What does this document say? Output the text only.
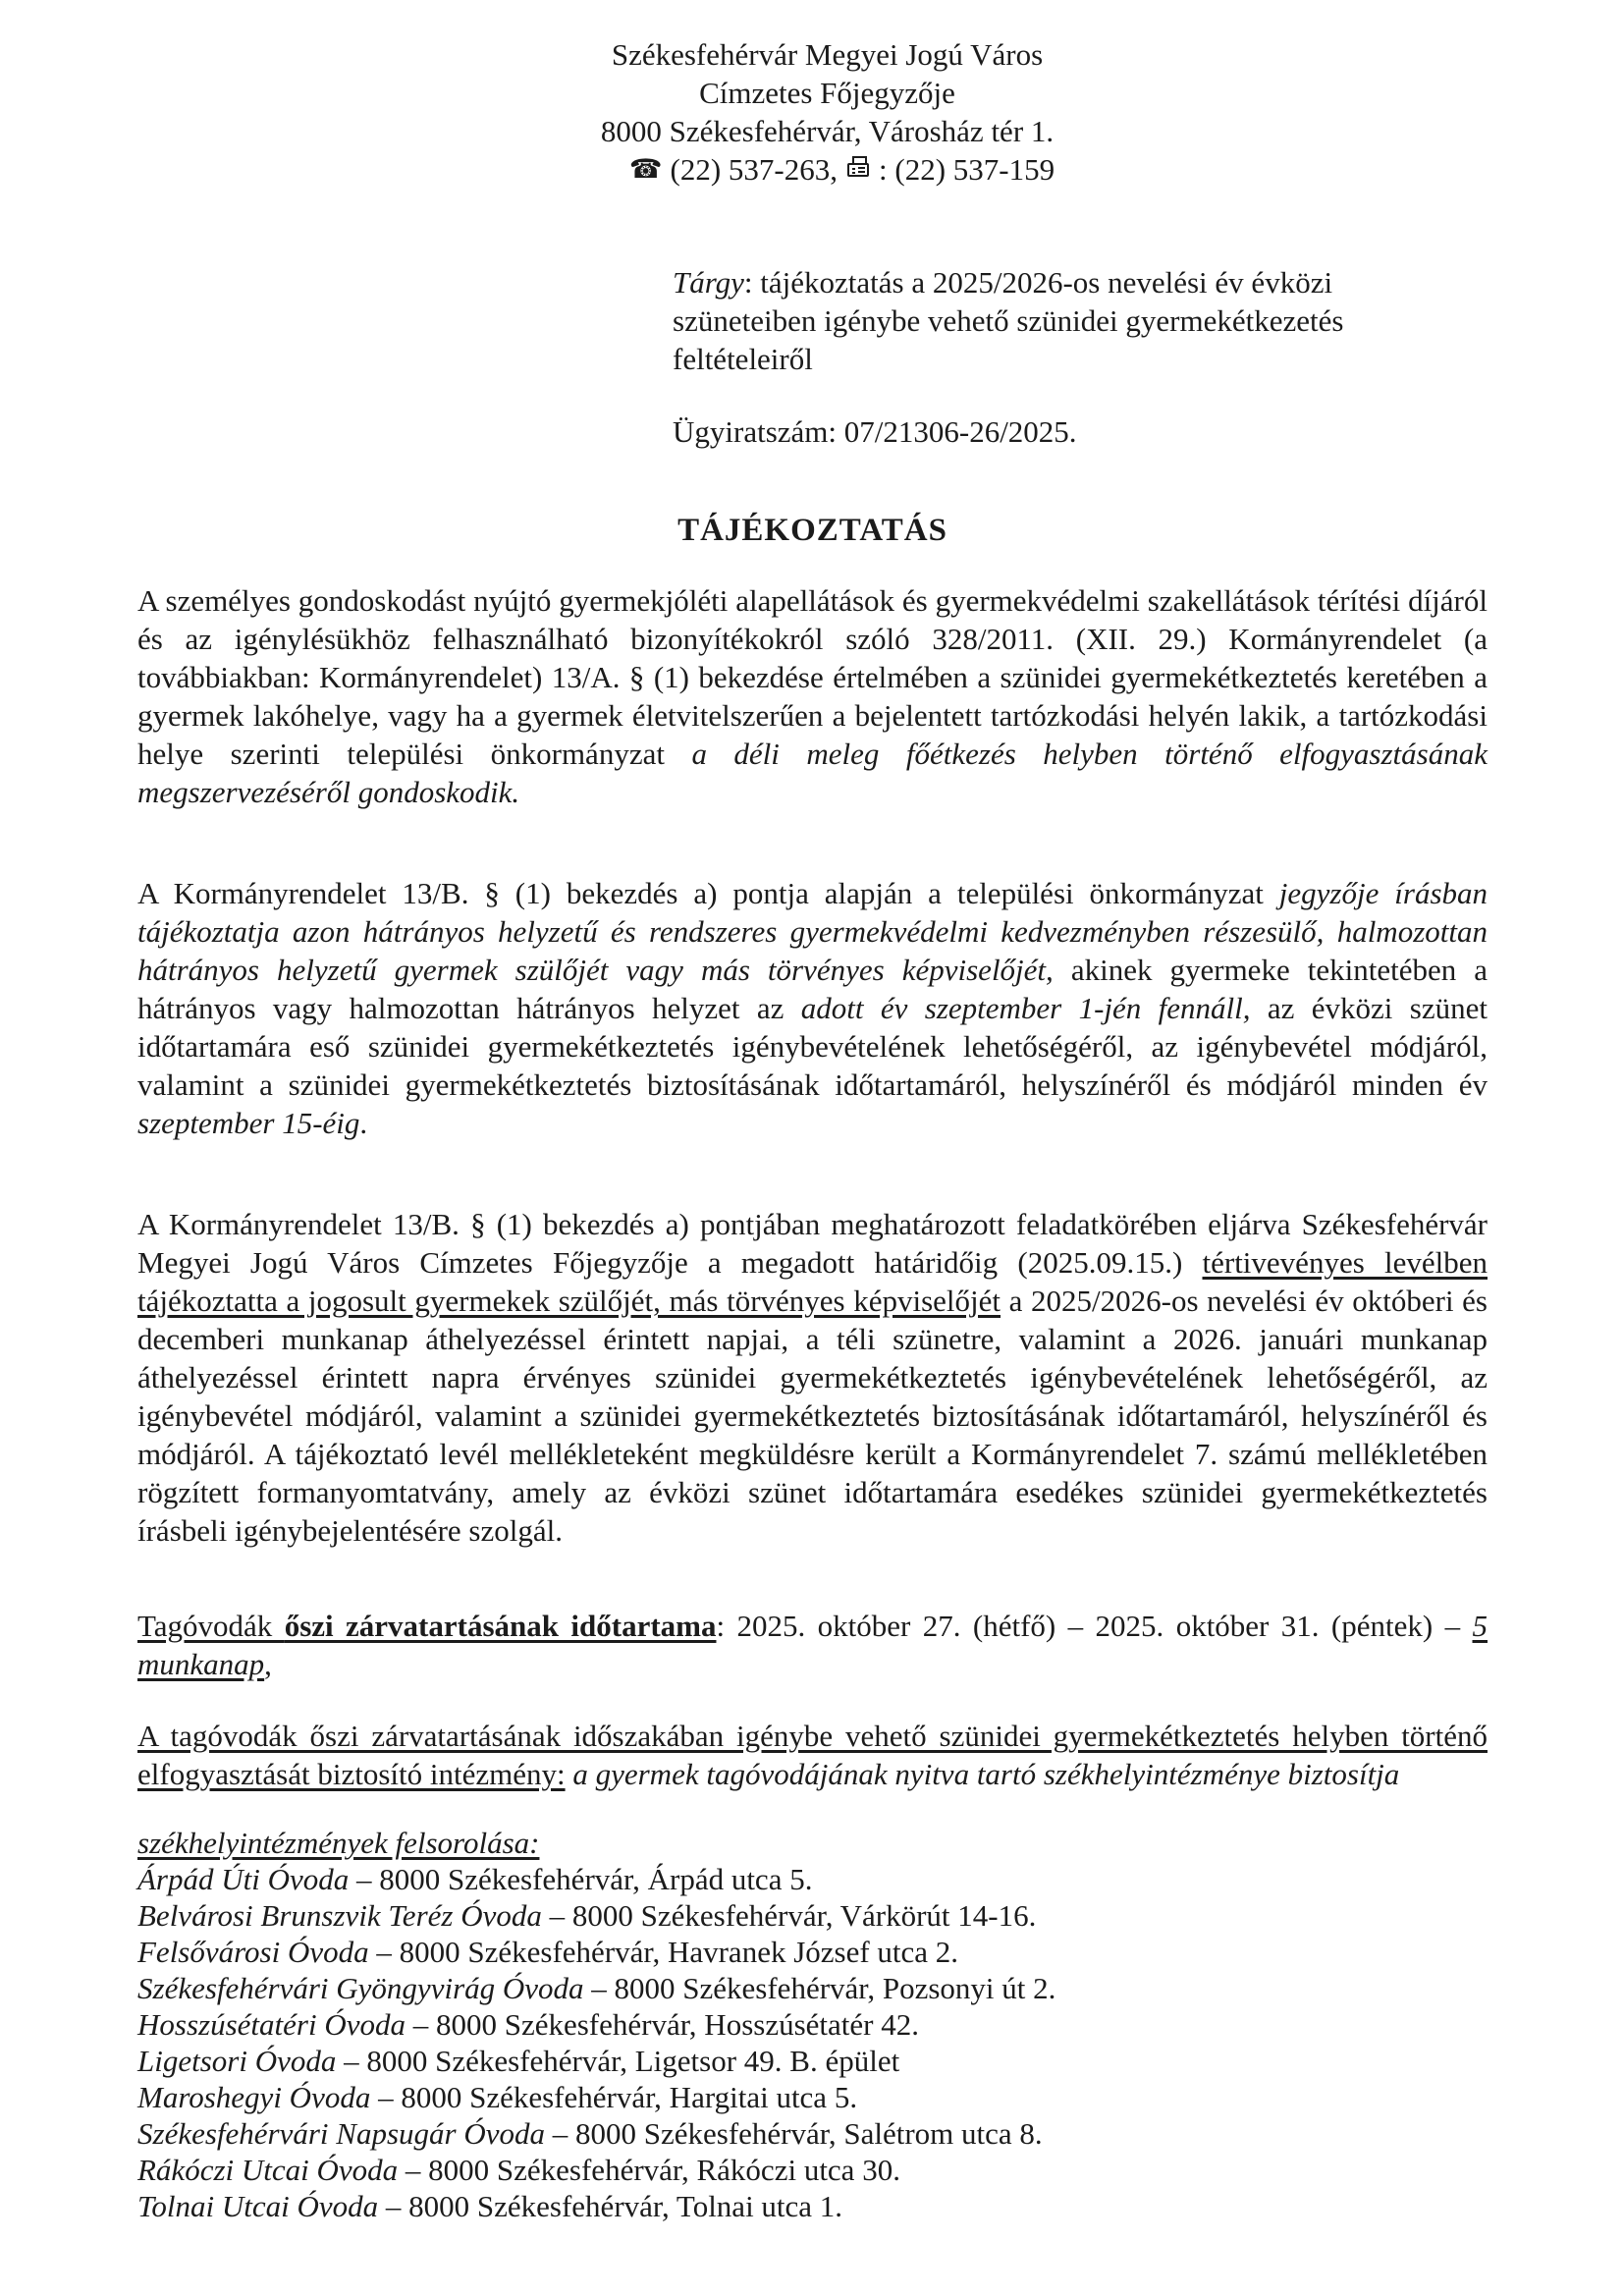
Székesfehérvár Megyei Jogú Város
Címzetes Főjegyzője
8000 Székesfehérvár, Városház tér 1.
☎ (22) 537-263, : (22) 537-159
Tárgy: tájékoztatás a 2025/2026-os nevelési év évközi szüneteiben igénybe vehető szünidei gyermekétkezetés feltételeiről
Ügyiratszám: 07/21306-26/2025.
TÁJÉKOZTATÁS
A személyes gondoskodást nyújtó gyermekjóléti alapellátások és gyermekvédelmi szakellátások térítési díjáról és az igénylésükhöz felhasználható bizonyítékokról szóló 328/2011. (XII. 29.) Kormányrendelet (a továbbiakban: Kormányrendelet) 13/A. § (1) bekezdése értelmében a szünidei gyermekétkeztetés keretében a gyermek lakóhelye, vagy ha a gyermek életvitelszerűen a bejelentett tartózkodási helyén lakik, a tartózkodási helye szerinti települési önkormányzat a déli meleg főétkezés helyben történő elfogyasztásának megszervezéséről gondoskodik.
A Kormányrendelet 13/B. § (1) bekezdés a) pontja alapján a települési önkormányzat jegyzője írásban tájékoztatja azon hátrányos helyzetű és rendszeres gyermekvédelmi kedvezményben részesülő, halmozottan hátrányos helyzetű gyermek szülőjét vagy más törvényes képviselőjét, akinek gyermeke tekintetében a hátrányos vagy halmozottan hátrányos helyzet az adott év szeptember 1-jén fennáll, az évközi szünet időtartamára eső szünidei gyermekétkeztetés igénybevételének lehetőségéről, az igénybevétel módjáról, valamint a szünidei gyermekétkeztetés biztosításának időtartamáról, helyszínéről és módjáról minden év szeptember 15-éig.
A Kormányrendelet 13/B. § (1) bekezdés a) pontjában meghatározott feladatkörében eljárva Székesfehérvár Megyei Jogú Város Címzetes Főjegyzője a megadott határidőig (2025.09.15.) tértivevényes levélben tájékoztatta a jogosult gyermekek szülőjét, más törvényes képviselőjét a 2025/2026-os nevelési év októberi és decemberi munkanap áthelyezéssel érintett napjai, a téli szünetre, valamint a 2026. januári munkanap áthelyezéssel érintett napra érvényes szünidei gyermekétkeztetés igénybevételének lehetőségéről, az igénybevétel módjáról, valamint a szünidei gyermekétkeztetés biztosításának időtartamáról, helyszínéről és módjáról. A tájékoztató levél mellékleteként megküldésre került a Kormányrendelet 7. számú mellékletében rögzített formanyomtatvány, amely az évközi szünet időtartamára esedékes szünidei gyermekétkeztetés írásbeli igénybejelentésére szolgál.
Tagóvodák őszi zárvatartásának időtartama: 2025. október 27. (hétfő) – 2025. október 31. (péntek) – 5 munkanap,
A tagóvodák őszi zárvatartásának időszakában igénybe vehető szünidei gyermekétkeztetés helyben történő elfogyasztását biztosító intézmény: a gyermek tagóvodájának nyitva tartó székhelyintézménye biztosítja
székhelyintézmények felsorolása:
Árpád Úti Óvoda – 8000 Székesfehérvár, Árpád utca 5.
Belvárosi Brunszvik Teréz Óvoda – 8000 Székesfehérvár, Várkörút 14-16.
Felsővárosi Óvoda – 8000 Székesfehérvár, Havranek József utca 2.
Székesfehérvári Gyöngyvirág Óvoda – 8000 Székesfehérvár, Pozsonyi út 2.
Hosszúsétatéri Óvoda – 8000 Székesfehérvár, Hosszúsétatér 42.
Ligetsori Óvoda – 8000 Székesfehérvár, Ligetsor 49. B. épület
Maroshegyi Óvoda – 8000 Székesfehérvár, Hargitai utca 5.
Székesfehérvári Napsugár Óvoda – 8000 Székesfehérvár, Salétrom utca 8.
Rákóczi Utcai Óvoda – 8000 Székesfehérvár, Rákóczi utca 30.
Tolnai Utcai Óvoda – 8000 Székesfehérvár, Tolnai utca 1.
